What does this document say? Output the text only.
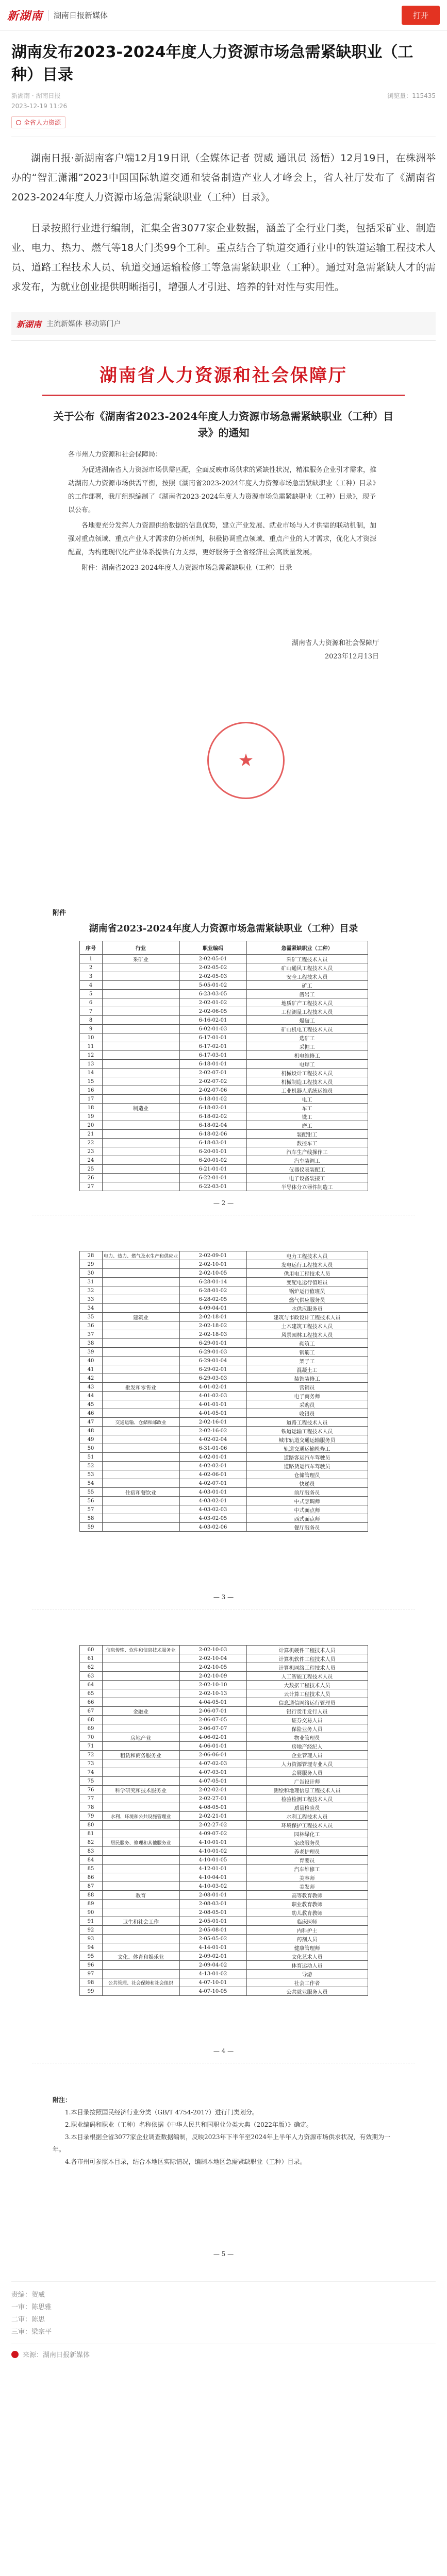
新湖南 湖南日报新媒体	打开
湖南发布2023-2024年度人力资源市场急需紧缺职业（工种）目录
新湖南 · 湖南日报	浏览量：115435
2023-12-19 11:26
全省人力资源

湖南日报·新湖南客户端12月19日讯（全媒体记者 贺威 通讯员 汤悟）12月19日，在株洲举办的“智汇潇湘”2023中国国际轨道交通和装备制造产业人才峰会上，省人社厅发布了《湖南省2023-2024年度人力资源市场急需紧缺职业（工种）目录》。

目录按照行业进行编制，汇集全省3077家企业数据，涵盖了全行业门类，包括采矿业、制造业、电力、热力、燃气等18大门类99个工种。重点结合了轨道交通行业中的铁道运输工程技术人员、道路工程技术人员、轨道交通运输检修工等急需紧缺职业（工种）。通过对急需紧缺人才的需求发布，为就业创业提供明晰指引，增强人才引进、培养的针对性与实用性。

新湖南 主流新媒体 移动第门户
湖南省人力资源和社会保障厅
关于公布《湖南省2023-2024年度人力资源市场急需紧缺职业（工种）目录》的通知

各市州人力资源和社会保障局：

为促进湖南省人力资源市场供需匹配，全面反映市场供求的紧缺性状况，精准服务企业引才需求，推动湖南人力资源市场供需平衡，按照《湖南省2023-2024年度人力资源市场急需紧缺职业（工种）目录》的工作部署，我厅组织编制了《湖南省2023-2024年度人力资源市场急需紧缺职业（工种）目录》，现予以公布。

各地要充分发挥人力资源供给数据的信息优势，建立产业发展、就业市场与人才供需的联动机制，加强对重点领域、重点产业人才需求的分析研判，积极协调重点领域、重点产业的人才需求，优化人才资源配置，为构建现代化产业体系提供有力支撑，更好服务于全省经济社会高质量发展。

附件：湖南省2023-2024年度人力资源市场急需紧缺职业（工种）目录

★
湖南省人力资源和社会保障厅
2023年12月13日
附件
湖南省2023-2024年度人力资源市场急需紧缺职业（工种）目录
序号	行业	职业编码	急需紧缺职业（工种）
1	采矿业	2-02-05-01	采矿工程技术人员
2		2-02-05-02	矿山通风工程技术人员
3		2-02-05-03	安全工程技术人员
4		5-05-01-02	矿工
5		6-23-03-05	凿岩工
6		2-02-01-02	地质矿产工程技术人员
7		2-02-06-05	工程测量工程技术人员
8		6-16-02-01	爆破工
9		6-02-01-03	矿山机电工程技术人员
10		6-17-01-01	选矿工
11		6-17-02-01	采掘工
12		6-17-03-01	机电维修工
13		6-18-01-01	电焊工
14		2-02-07-01	机械设计工程技术人员
15		2-02-07-02	机械制造工程技术人员
16		2-02-07-06	工业机器人系统运维员
17		6-18-01-02	电工
18	制造业	6-18-02-01	车工
19		6-18-02-02	铣工
20		6-18-02-04	磨工
21		6-18-02-06	装配钳工
22		6-18-03-01	数控车工
23		6-20-01-01	汽车生产线操作工
24		6-20-01-02	汽车装调工
25		6-21-01-01	仪器仪表装配工
26		6-22-01-01	电子设备装接工
27		6-22-03-01	半导体分立器件制造工
— 2 —
28	电力、热力、燃气及水生产和供应业	2-02-09-01	电力工程技术人员
29		2-02-10-01	发电运行工程技术人员
30		2-02-10-05	供用电工程技术人员
31		6-28-01-14	变配电运行值班员
32		6-28-01-02	锅炉运行值班员
33		6-28-02-05	燃气供应服务员
34		4-09-04-01	水供应服务员
35	建筑业	2-02-18-01	建筑与市政设计工程技术人员
36		2-02-18-02	土木建筑工程技术人员
37		2-02-18-03	风景园林工程技术人员
38		6-29-01-01	砌筑工
39		6-29-01-03	钢筋工
40		6-29-01-04	架子工
41		6-29-02-01	混凝土工
42		6-29-03-03	装饰装修工
43	批发和零售业	4-01-02-01	营销员
44		4-01-02-03	电子商务师
45		4-01-01-01	采购员
46		4-01-05-01	收银员
47	交通运输、仓储和邮政业	2-02-16-01	道路工程技术人员
48		2-02-16-02	铁道运输工程技术人员
49		4-02-02-04	城市轨道交通运输服务员
50		6-31-01-06	轨道交通运输检修工
51		4-02-01-01	道路客运汽车驾驶员
52		4-02-02-01	道路货运汽车驾驶员
53		4-02-06-01	仓储管理员
54		4-02-07-01	快递员
55	住宿和餐饮业	4-03-01-01	前厅服务员
56		4-03-02-01	中式烹调师
57		4-03-02-03	中式面点师
58		4-03-02-05	西式面点师
59		4-03-02-06	餐厅服务员
— 3 —
60	信息传输、软件和信息技术服务业	2-02-10-03	计算机硬件工程技术人员
61		2-02-10-04	计算机软件工程技术人员
62		2-02-10-05	计算机网络工程技术人员
63		2-02-10-09	人工智能工程技术人员
64		2-02-10-10	大数据工程技术人员
65		2-02-10-13	云计算工程技术人员
66		4-04-05-01	信息通信网络运行管理员
67	金融业	2-06-07-01	银行货币发行人员
68		2-06-07-05	证券交易人员
69		2-06-07-07	保险业务人员
70	房地产业	4-06-02-01	物业管理员
71		4-06-01-01	房地产经纪人
72	租赁和商务服务业	2-06-06-01	企业管理人员
73		4-07-02-03	人力资源管理专业人员
74		4-07-03-01	会展服务人员
75		4-07-05-01	广告设计师
76	科学研究和技术服务业	2-02-02-01	测绘和地理信息工程技术人员
77		2-02-27-01	检验检测工程技术人员
78		4-08-05-01	质量检验员
79	水利、环境和公共设施管理业	2-02-21-01	水利工程技术人员
80		2-02-27-02	环境保护工程技术人员
81		4-09-07-02	园林绿化工
82	居民服务、修理和其他服务业	4-10-01-01	家政服务员
83		4-10-01-02	养老护理员
84		4-10-01-05	育婴员
85		4-12-01-01	汽车维修工
86		4-10-04-01	美容师
87		4-10-03-02	美发师
88	教育	2-08-01-01	高等教育教师
89		2-08-03-01	职业教育教师
90		2-08-05-01	幼儿教育教师
91	卫生和社会工作	2-05-01-01	临床医师
92		2-05-08-01	内科护士
93		2-05-05-02	药剂人员
94		4-14-01-01	健康管理师
95	文化、体育和娱乐业	2-09-02-01	文化艺术人员
96		2-09-04-02	体育运动人员
97		4-13-01-02	导游
98	公共管理、社会保障和社会组织	4-07-10-01	社会工作者
99		4-07-10-05	公共就业服务人员
— 4 —
附注：

1.本目录按照国民经济行业分类（GB/T 4754-2017）进行门类划分。

2.职业编码和职业（工种）名称依据《中华人民共和国职业分类大典（2022年版）》确定。

3.本目录根据全省3077家企业调查数据编制，反映2023年下半年至2024年上半年人力资源市场供求状况，有效期为一年。

4.各市州可参照本目录，结合本地区实际情况，编制本地区急需紧缺职业（工种）目录。

— 5 —
责编：贺威
一审：陈思雅
二审：陈思
三审：梁宗平
来源：湖南日报新媒体
